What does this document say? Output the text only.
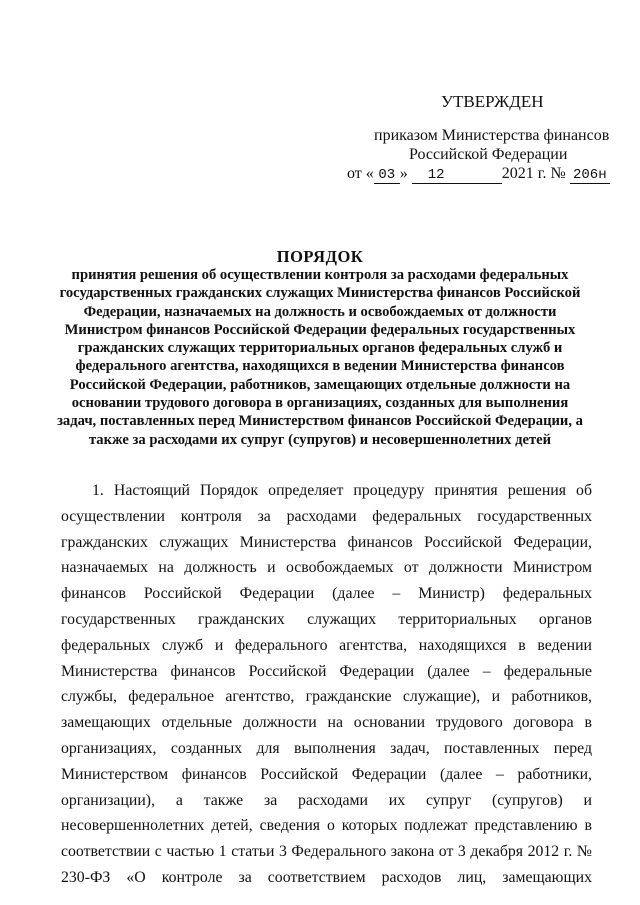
УТВЕРЖДЕН
приказом Министерства финансов
Российской Федерации
от « 03 » 12	2021 г. № 206н
ПОРЯДОК
принятия решения об осуществлении контроля за расходами федеральных государственных гражданских служащих Министерства финансов Российской Федерации, назначаемых на должность и освобождаемых от должности Министром финансов Российской Федерации федеральных государственных гражданских служащих территориальных органов федеральных служб и федерального агентства, находящихся в ведении Министерства финансов Российской Федерации, работников, замещающих отдельные должности на основании трудового договора в организациях, созданных для выполнения задач, поставленных перед Министерством финансов Российской Федерации, а также за расходами их супруг (супругов) и несовершеннолетних детей

1. Настоящий Порядок определяет процедуру принятия решения об осуществлении контроля за расходами федеральных государственных гражданских служащих Министерства финансов Российской Федерации, назначаемых на должность и освобождаемых от должности Министром финансов Российской Федерации (далее – Министр) федеральных государственных гражданских служащих территориальных органов федеральных служб и федерального агентства, находящихся в ведении Министерства финансов Российской Федерации (далее – федеральные службы, федеральное агентство, гражданские служащие), и работников, замещающих отдельные должности на основании трудового договора в организациях, созданных для выполнения задач, поставленных перед Министерством финансов Российской Федерации (далее – работники, организации), а также за расходами их супруг (супругов) и несовершеннолетних детей, сведения о которых подлежат представлению в соответствии с частью 1 статьи 3 Федерального закона от 3 декабря 2012 г. № 230-ФЗ «О контроле за соответствием расходов лиц, замещающих
